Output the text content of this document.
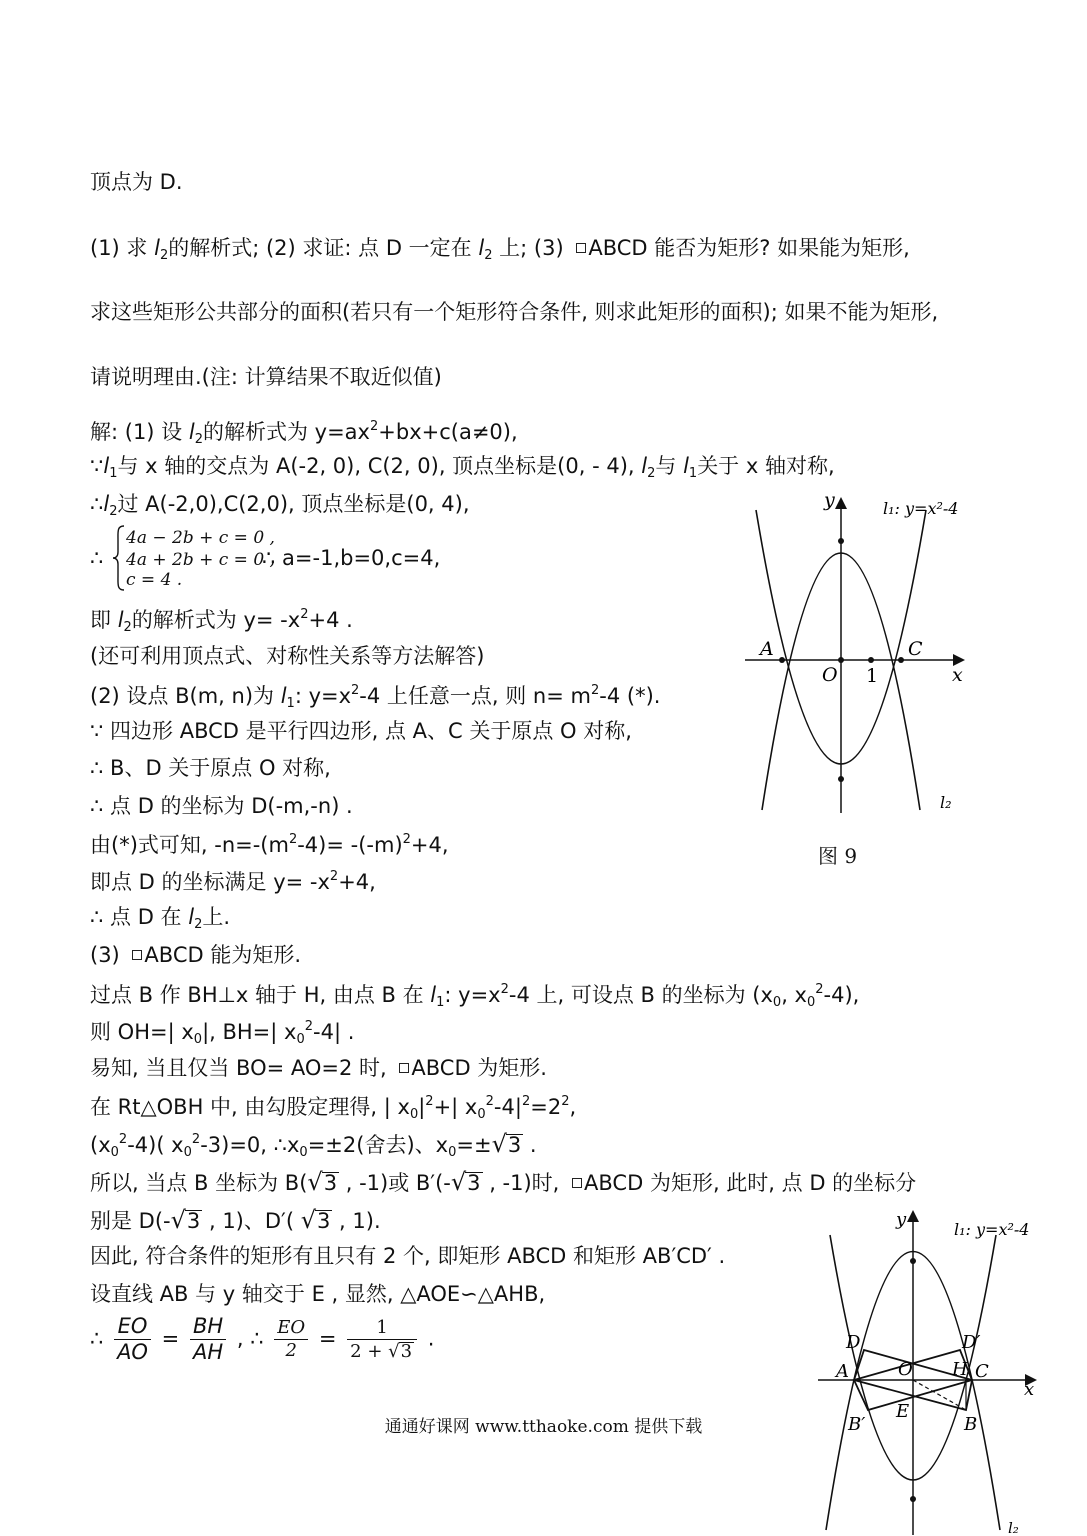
顶点为 D.
(1) 求 $l_2$的解析式; (2) 求证: 点 D 一定在 $l_2$ 上; (3) ABCD 能否为矩形? 如果能为矩形,
求这些矩形公共部分的面积(若只有一个矩形符合条件, 则求此矩形的面积); 如果不能为矩形,
请说明理由.(注: 计算结果不取近似值)
解: (1) 设 $l_2$的解析式为 $y=ax^2+bx+c(a\ne 0)$,
$\because l_1$与 x 轴的交点为 A(-2, 0), C(2, 0), 顶点坐标是(0, - 4), $l_2$与 $l_1$关于 x 轴对称,
$\therefore l_2$过 A(-2,0),C(2,0), 顶点坐标是(0, 4),
∴
4a − 2b + c = 0 ,
4a + 2b + c = 0 ,
c = 4 .
∴ a=-1,b=0,c=4,
即 $l_2$的解析式为 $y= -x^2+4$ .
(还可利用顶点式、对称性关系等方法解答)
(2) 设点 B(m, n)为 $l_1$: $y=x^2-4$ 上任意一点, 则 $n= m^2-4$ (*).
∵ 四边形 ABCD 是平行四边形, 点 A、C 关于原点 O 对称,
∴ B、D 关于原点 O 对称,
∴ 点 D 的坐标为 D(-m,-n) .
由(*)式可知, $-n=-(m^2-4)= -(-m)^2+4$,
即点 D 的坐标满足 $y= -x^2+4$,
∴ 点 D 在 $l_2$上.
(3) ABCD 能为矩形.
过点 B 作 BH⊥x 轴于 H, 由点 B 在 $l_1$: $y=x^2-4$ 上, 可设点 B 的坐标为 ($x_0$, $x_0^2-4$),
则 OH=| $x_0|$, BH=| $x_0^2-4|$ .
易知, 当且仅当 BO= AO=2 时, ABCD 为矩形.
在 Rt△OBH 中, 由勾股定理得, | $x_0|^2+|$ $x_0^2-4|^2=2^2$,
$(x_0^2-4)$( $x_0^2-3)=0$, $\therefore x_0=\pm 2$(舍去)、$x_0=\pm√3$ .
所以, 当点 B 坐标为 B(√3 , -1)或 B′(-√3 , -1)时, ABCD 为矩形, 此时, 点 D 的坐标分
别是 D(-√3 , 1)、D′( √3 , 1).
因此, 符合条件的矩形有且只有 2 个, 即矩形 ABCD 和矩形 AB′CD′ .
设直线 AB 与 y 轴交于 E , 显然, △AOE∽△AHB,
∴ $\frac{EO}{AO} = \frac{BH}{AH}$ , ∴ $\frac{EO}{2} = \frac{1}{2 + √3}$ .
y
x
A	C
O
l₂
l₁: y=x²-4
1
图 9
y
x
A	C
O H
E
D	D′
B′	B
l₂
l₁: y=x²-4
通通好课网 www.tthaoke.com 提供下载
